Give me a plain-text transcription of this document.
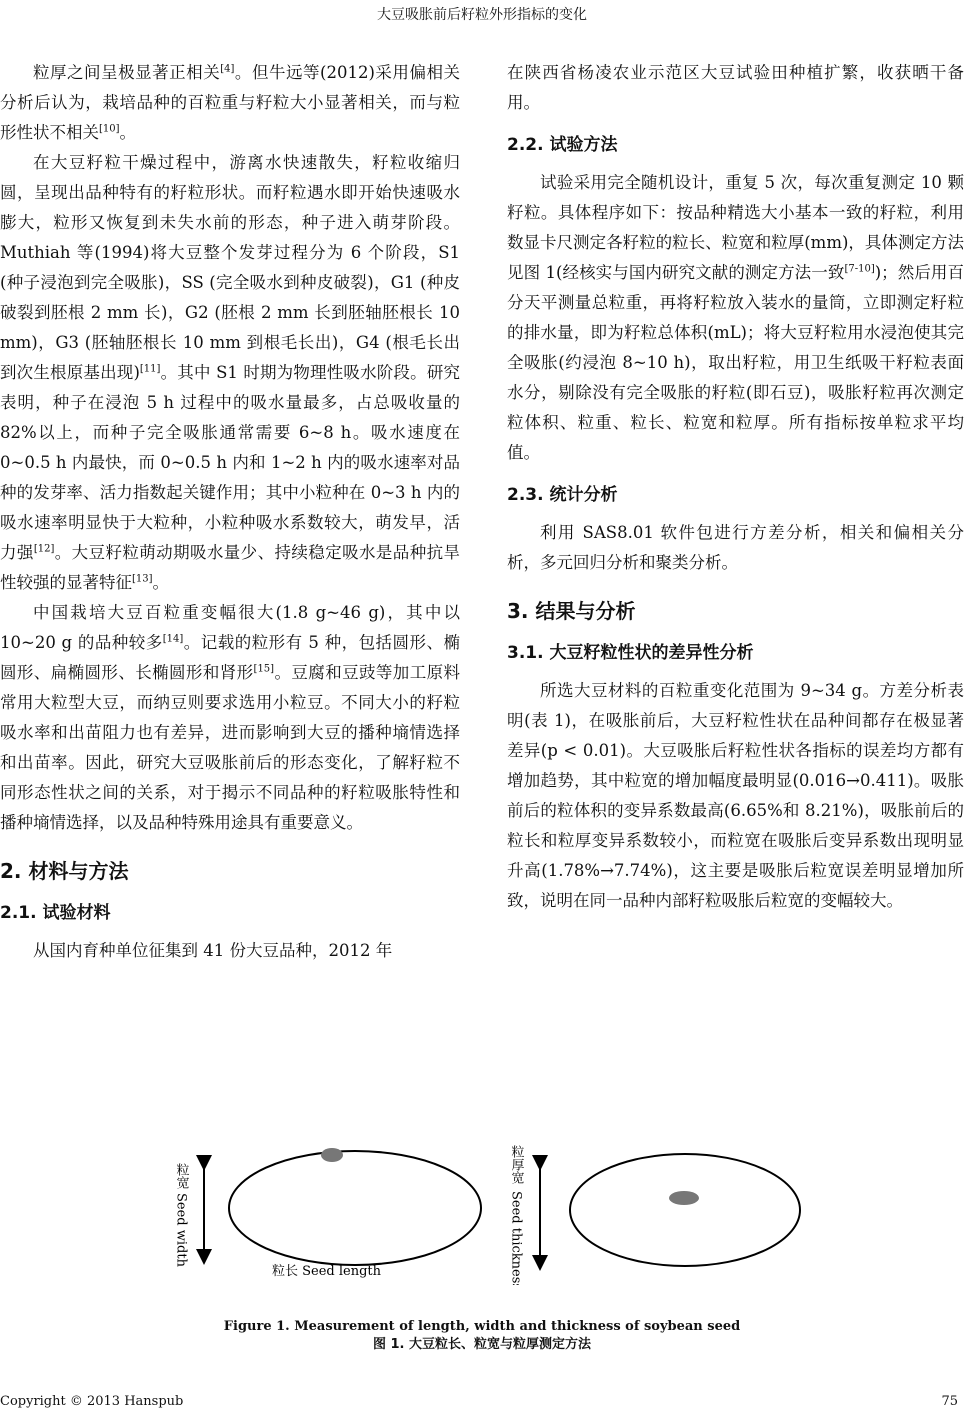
大豆吸胀前后籽粒外形指标的变化

粒厚之间呈极显著正相关[4]。但牛远等(2012)采用偏相关分析后认为，栽培品种的百粒重与籽粒大小显著相关，而与粒形性状不相关[10]。

在大豆籽粒干燥过程中，游离水快速散失，籽粒收缩归圆，呈现出品种特有的籽粒形状。而籽粒遇水即开始快速吸水膨大，粒形又恢复到未失水前的形态，种子进入萌芽阶段。Muthiah 等(1994)将大豆整个发芽过程分为 6 个阶段，S1 (种子浸泡到完全吸胀)，SS (完全吸水到种皮破裂)，G1 (种皮破裂到胚根 2 mm 长)，G2 (胚根 2 mm 长到胚轴胚根长 10 mm)，G3 (胚轴胚根长 10 mm 到根毛长出)，G4 (根毛长出到次生根原基出现)[11]。其中 S1 时期为物理性吸水阶段。研究表明，种子在浸泡 5 h 过程中的吸水量最多，占总吸收量的 82%以上，而种子完全吸胀通常需要 6~8 h。吸水速度在 0~0.5 h 内最快，而 0~0.5 h 内和 1~2 h 内的吸水速率对品种的发芽率、活力指数起关键作用；其中小粒种在 0~3 h 内的吸水速率明显快于大粒种，小粒种吸水系数较大，萌发早，活力强[12]。大豆籽粒萌动期吸水量少、持续稳定吸水是品种抗旱性较强的显著特征[13]。

中国栽培大豆百粒重变幅很大(1.8 g~46 g)，其中以 10~20 g 的品种较多[14]。记载的粒形有 5 种，包括圆形、椭圆形、扁椭圆形、长椭圆形和肾形[15]。豆腐和豆豉等加工原料常用大粒型大豆，而纳豆则要求选用小粒豆。不同大小的籽粒吸水率和出苗阻力也有差异，进而影响到大豆的播种墒情选择和出苗率。因此，研究大豆吸胀前后的形态变化，了解籽粒不同形态性状之间的关系，对于揭示不同品种的籽粒吸胀特性和播种墒情选择，以及品种特殊用途具有重要意义。

2. 材料与方法
2.1. 试验材料

从国内育种单位征集到 41 份大豆品种，2012 年

在陕西省杨凌农业示范区大豆试验田种植扩繁，收获晒干备用。

2.2. 试验方法

试验采用完全随机设计，重复 5 次，每次重复测定 10 颗籽粒。具体程序如下：按品种精选大小基本一致的籽粒，利用数显卡尺测定各籽粒的粒长、粒宽和粒厚(mm)，具体测定方法见图 1(经核实与国内研究文献的测定方法一致[7-10])；然后用百分天平测量总粒重，再将籽粒放入装水的量筒，立即测定籽粒的排水量，即为籽粒总体积(mL)；将大豆籽粒用水浸泡使其完全吸胀(约浸泡 8~10 h)，取出籽粒，用卫生纸吸干籽粒表面水分，剔除没有完全吸胀的籽粒(即石豆)，吸胀籽粒再次测定粒体积、粒重、粒长、粒宽和粒厚。所有指标按单粒求平均值。

2.3. 统计分析

利用 SAS8.01 软件包进行方差分析，相关和偏相关分析，多元回归分析和聚类分析。

3. 结果与分析
3.1. 大豆籽粒性状的差异性分析

所选大豆材料的百粒重变化范围为 9~34 g。方差分析表明(表 1)，在吸胀前后，大豆籽粒性状在品种间都存在极显著差异(p < 0.01)。大豆吸胀后籽粒性状各指标的误差均方都有增加趋势，其中粒宽的增加幅度最明显(0.016→0.411)。吸胀前后的粒体积的变异系数最高(6.65%和 8.21%)，吸胀前后的粒长和粒厚变异系数较小，而粒宽在吸胀后变异系数出现明显升高(1.78%→7.74%)，这主要是吸胀后粒宽误差明显增加所致，说明在同一品种内部籽粒吸胀后粒宽的变幅较大。

粒宽
Seed width
粒长 Seed length
粒厚宽
Seed thickness
Figure 1. Measurement of length, width and thickness of soybean seed
图 1. 大豆粒长、粒宽与粒厚测定方法
Copyright © 2013 Hanspub	75
